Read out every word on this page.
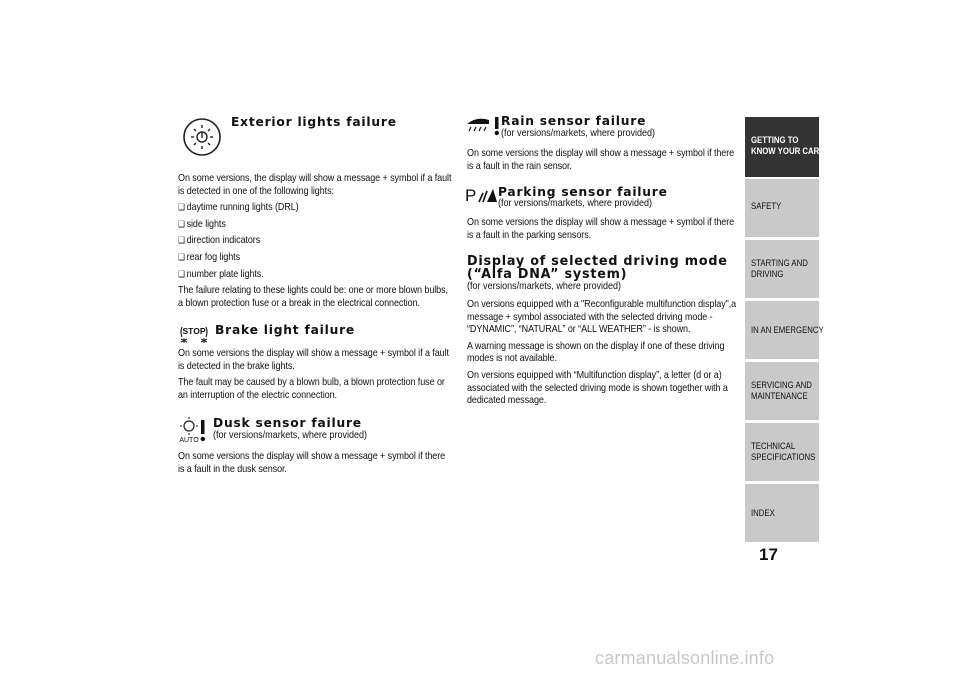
STOP
AUTO
Exterior lights failure

On some versions, the display will show a message + symbol if a fault is detected in one of the following lights:

❏ daytime running lights (DRL)
❏ side lights
❏ direction indicators
❏ rear fog lights
❏ number plate lights.

The failure relating to these lights could be: one or more blown bulbs, a blown protection fuse or a break in the electrical connection.

Brake light failure

On some versions the display will show a message + symbol if a fault is detected in the brake lights.

The fault may be caused by a blown bulb, a blown protection fuse or an interruption of the electric connection.

Dusk sensor failure
(for versions/markets, where provided)

On some versions the display will show a message + symbol if there is a fault in the dusk sensor.

P
Rain sensor failure
(for versions/markets, where provided)

On some versions the display will show a message + symbol if there is a fault in the rain sensor.

Parking sensor failure
(for versions/markets, where provided)

On some versions the display will show a message + symbol if there is a fault in the parking sensors.

Display of selected driving mode
(“Alfa DNA” system)
(for versions/markets, where provided)

On versions equipped with a "Reconfigurable multifunction display",a message + symbol associated with the selected driving mode - “DYNAMIC”, “NATURAL” or “ALL WEATHER” - is shown.

A warning message is shown on the display if one of these driving modes is not available.

On versions equipped with “Multifunction display”, a letter (d or a) associated with the selected driving mode is shown together with a dedicated message.

GETTING TO
KNOW YOUR CAR
SAFETY
STARTING AND
DRIVING
IN AN EMERGENCY
SERVICING AND
MAINTENANCE
TECHNICAL
SPECIFICATIONS
INDEX
17
carmanualsonline.info
